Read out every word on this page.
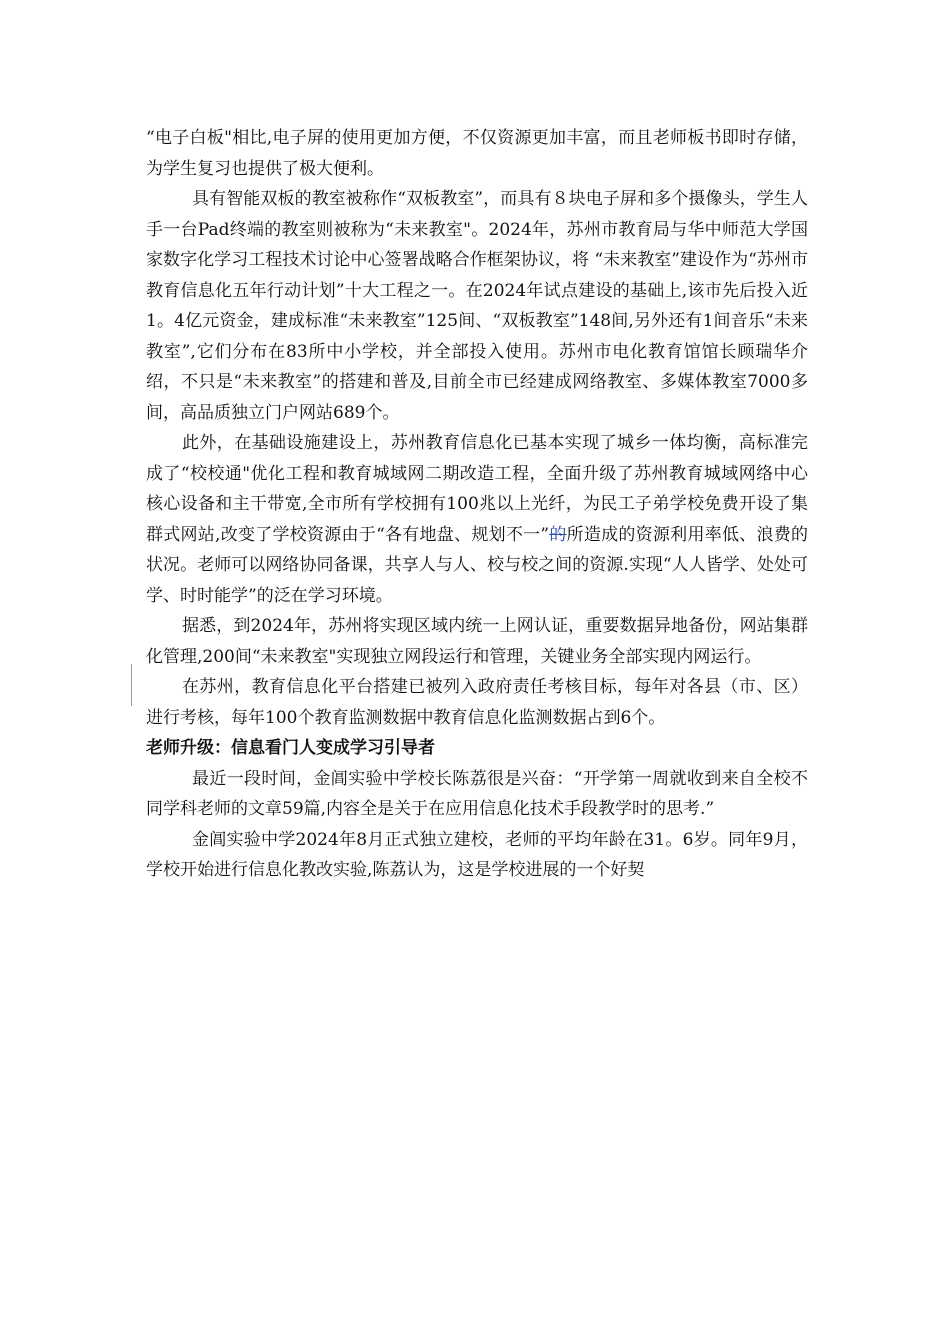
“电子白板"相比,电子屏的使用更加方便，不仅资源更加丰富，而且老师板书即时存储，为学生复习也提供了极大便利。

具有智能双板的教室被称作“双板教室”，而具有８块电子屏和多个摄像头，学生人手一台Pad终端的教室则被称为“未来教室"。2024年，苏州市教育局与华中师范大学国家数字化学习工程技术讨论中心签署战略合作框架协议，将 “未来教室”建设作为“苏州市教育信息化五年行动计划”十大工程之一。在2024年试点建设的基础上,该市先后投入近1。4亿元资金，建成标准“未来教室”125间、“双板教室”148间,另外还有1间音乐“未来教室”,它们分布在83所中小学校，并全部投入使用。苏州市电化教育馆馆长顾瑞华介绍，不只是“未来教室”的搭建和普及,目前全市已经建成网络教室、多媒体教室7000多间，高品质独立门户网站689个。

此外，在基础设施建设上，苏州教育信息化已基本实现了城乡一体均衡，高标准完成了“校校通"优化工程和教育城域网二期改造工程，全面升级了苏州教育城域网络中心核心设备和主干带宽,全市所有学校拥有100兆以上光纤，为民工子弟学校免费开设了集群式网站,改变了学校资源由于“各有地盘、规划不一”的所造成的资源利用率低、浪费的状况。老师可以网络协同备课，共享人与人、校与校之间的资源.实现“人人皆学、处处可学、时时能学”的泛在学习环境。

据悉，到2024年，苏州将实现区域内统一上网认证，重要数据异地备份，网站集群化管理,200间“未来教室"实现独立网段运行和管理，关键业务全部实现内网运行。

在苏州，教育信息化平台搭建已被列入政府责任考核目标，每年对各县（市、区）进行考核，每年100个教育监测数据中教育信息化监测数据占到6个。

老师升级：信息看门人变成学习引导者

最近一段时间，金阊实验中学校长陈荔很是兴奋：“开学第一周就收到来自全校不同学科老师的文章59篇,内容全是关于在应用信息化技术手段教学时的思考.”

金阊实验中学2024年8月正式独立建校，老师的平均年龄在31。6岁。同年9月，学校开始进行信息化教改实验,陈荔认为，这是学校进展的一个好契
